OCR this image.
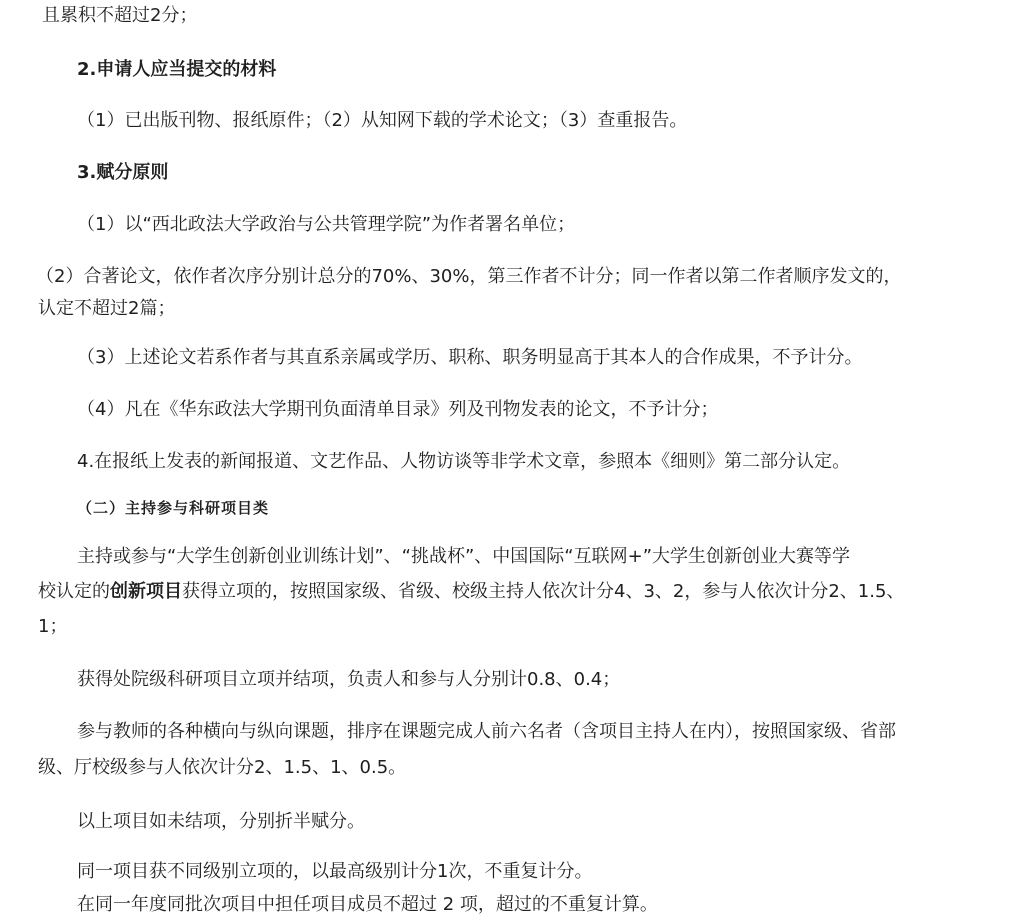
且累积不超过2分；

2.申请人应当提交的材料

（1）已出版刊物、报纸原件；（2）从知网下载的学术论文；（3）查重报告。

3.赋分原则

（1）以“西北政法大学政治与公共管理学院”为作者署名单位；

（2）合著论文，依作者次序分别计总分的70%、30%，第三作者不计分；同一作者以第二作者顺序发文的，

认定不超过2篇；

（3）上述论文若系作者与其直系亲属或学历、职称、职务明显高于其本人的合作成果，不予计分。

（4）凡在《华东政法大学期刊负面清单目录》列及刊物发表的论文，不予计分；

4.在报纸上发表的新闻报道、文艺作品、人物访谈等非学术文章，参照本《细则》第二部分认定。

（二）主持参与科研项目类

主持或参与“大学生创新创业训练计划”、“挑战杯”、中国国际“互联网+”大学生创新创业大赛等学

校认定的创新项目获得立项的，按照国家级、省级、校级主持人依次计分4、3、2，参与人依次计分2、1.5、

1；

获得处院级科研项目立项并结项，负责人和参与人分别计0.8、0.4；

参与教师的各种横向与纵向课题，排序在课题完成人前六名者（含项目主持人在内），按照国家级、省部

级、厅校级参与人依次计分2、1.5、1、0.5。

以上项目如未结项，分别折半赋分。

同一项目获不同级别立项的，以最高级别计分1次，不重复计分。

在同一年度同批次项目中担任项目成员不超过 2 项，超过的不重复计算。
